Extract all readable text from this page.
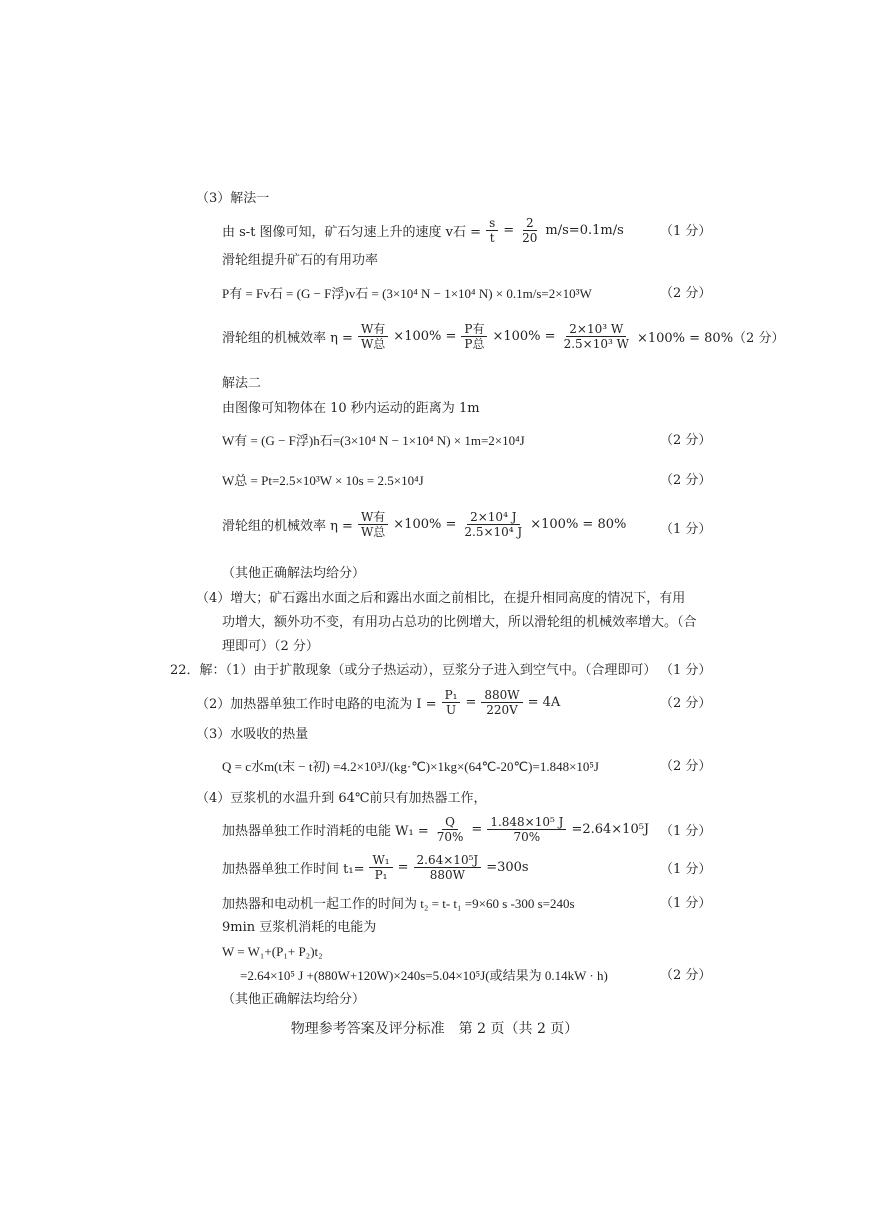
（3）解法一
由 s-t 图像可知，矿石匀速上升的速度 v石 = $\frac{s}{t} = \frac{2}{20} m/s=0.1m/s$	（1 分）
滑轮组提升矿石的有用功率
P有 = Fv石 = (G − F浮)v石 = (3×10⁴ N − 1×10⁴ N) × 0.1m/s=2×10³W	（2 分）
滑轮组的机械效率 $\eta = \frac{\text{W有}}{\text{W总}} \times 100\% = \frac{\text{P有}}{\text{P总}} \times 100\% = \frac{\text{2×10³ W}}{\text{2.5×10³ W}} \times 100\% = 80\%(2$ 分）
解法二
由图像可知物体在 10 秒内运动的距离为 1m
W有 = (G − F浮)h石=(3×10⁴ N − 1×10⁴ N) × 1m=2×10⁴J	（2 分）
W总 = Pt=2.5×10³W × 10s = 2.5×10⁴J	（2 分）
滑轮组的机械效率 $\eta = \frac{\text{W有}}{\text{W总}} \times 100\% = \frac{\text{2×10⁴ J}}{\text{2.5×10⁴ J}} \times 100\% = 80\%$	（1 分）
（其他正确解法均给分）
（4）增大；矿石露出水面之后和露出水面之前相比，在提升相同高度的情况下，有用
功增大，额外功不变，有用功占总功的比例增大，所以滑轮组的机械效率增大。（合
理即可）（2 分）
22．解：（1）由于扩散现象（或分子热运动），豆浆分子进入到空气中。（合理即可） （1 分）
（2）加热器单独工作时电路的电流为 $I = \frac{\text{P₁}}{U} = \frac{880W}{220V} = 4A$	（2 分）
（3）水吸收的热量
Q = c水m(t末 − t初) =4.2×10³J/(kg·℃)×1kg×(64℃-20℃)=1.848×10⁵J	（2 分）
（4）豆浆机的水温升到 64℃前只有加热器工作，
加热器单独工作时消耗的电能 $W_1 = \frac{Q}{70\%} = \frac{\text{1.848×10⁵ J}}{70\%} =2.64\times 10^5J$ （1 分）
加热器单独工作时间 $t_1= \frac{\text{W₁}}{\text{P₁}} = \frac{\text{2.64×10⁵J}}{880W} =300s$	（1 分）
加热器和电动机一起工作的时间为 t₂ = t- t₁ =9×60 s -300 s=240s	（1 分）
9min 豆浆机消耗的电能为
W = W₁+(P₁+ P₂)t₂
=2.64×10⁵ J +(880W+120W)×240s=5.04×10⁵J(或结果为 0.14kW · h)	（2 分）
（其他正确解法均给分）
物理参考答案及评分标准　第 2 页（共 2 页）
